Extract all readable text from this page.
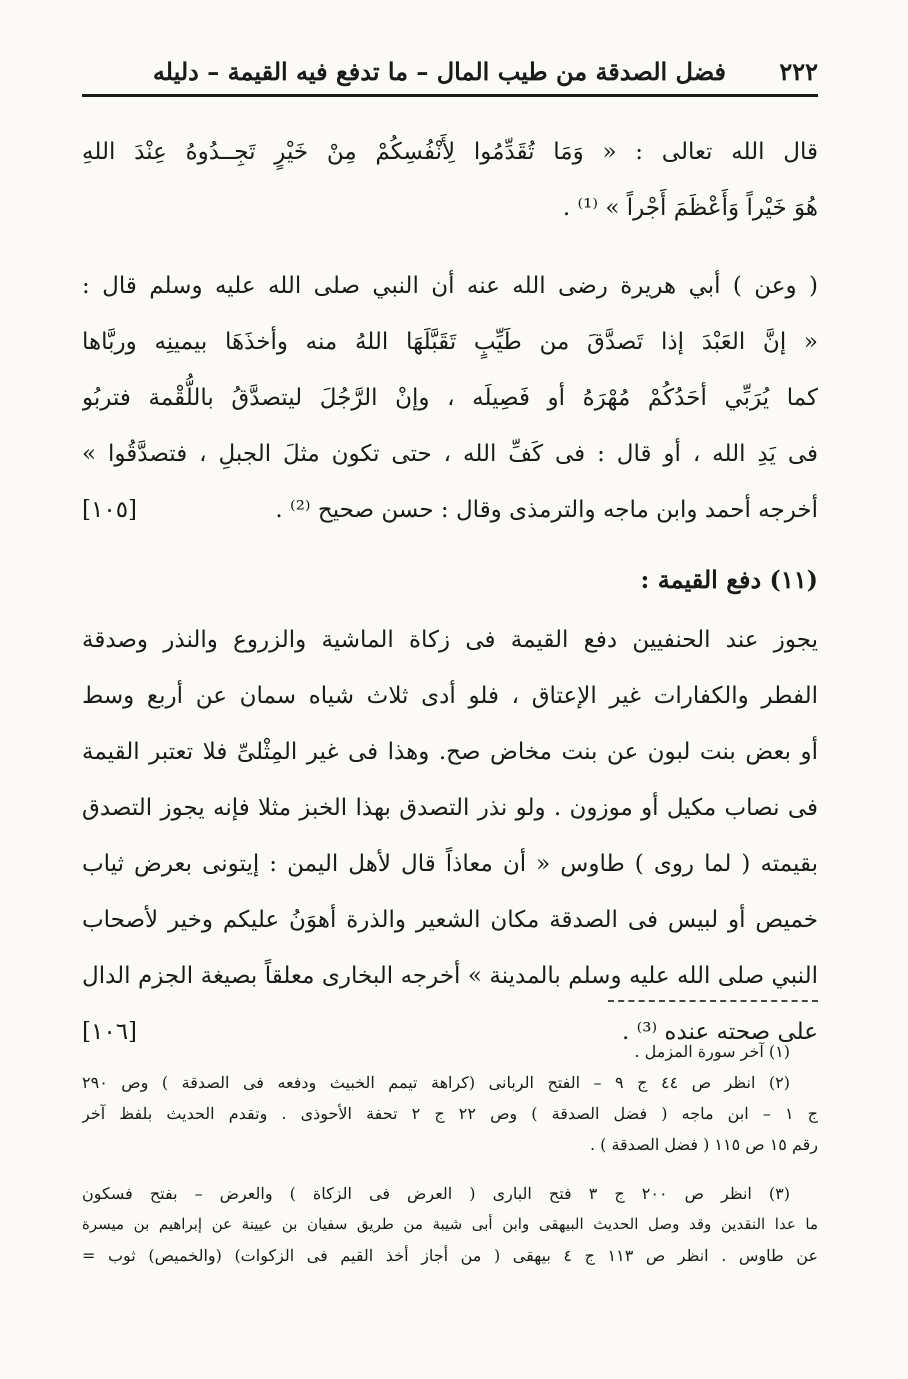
فضل الصدقة من طيب المال – ما تدفع فيه القيمة – دليله ٢٢٢
قال الله تعالى : « وَمَا تُقَدِّمُوا لِأَنْفُسِكُمْ مِنْ خَيْرٍ تَجِــدُوهُ عِنْدَ اللهِ
هُوَ خَيْراً وَأَعْظَمَ أَجْراً » ⁽¹⁾ .
( وعن ) أبي هريرة رضى الله عنه أن النبي صلى الله عليه وسلم قال :
« إنَّ العَبْدَ إذا تَصدَّقَ من طَيِّبٍ تَقَبَّلَهَا اللهُ منه وأخذَهَا بيمينِه وربَّاها
كما يُرَبِّي أحَدُكُمْ مُهْرَهُ أو فَصِيلَه ، وإنْ الرَّجُلَ ليتصدَّقُ باللُّقْمة فتربُو
فى يَدِ الله ، أو قال : فى كَفِّ الله ، حتى تكون مثلَ الجبلِ ، فتصدَّقُوا »
[١٠٥]	أخرجه أحمد وابن ماجه والترمذى وقال : حسن صحيح ⁽²⁾ .
(١١) دفع القيمة :
يجوز عند الحنفيين دفع القيمة فى زكاة الماشية والزروع والنذر وصدقة
الفطر والكفارات غير الإعتاق ، فلو أدى ثلاث شياه سمان عن أربع وسط
أو بعض بنت لبون عن بنت مخاض صح. وهذا فى غير المِثْلىِّ فلا تعتبر القيمة
فى نصاب مكيل أو موزون . ولو نذر التصدق بهذا الخبز مثلا فإنه يجوز التصدق
بقيمته ( لما روى ) طاوس « أن معاذاً قال لأهل اليمن : إيتونى بعرض ثياب
خميص أو لبيس فى الصدقة مكان الشعير والذرة أهوَنُ عليكم وخير لأصحاب
النبي صلى الله عليه وسلم بالمدينة » أخرجه البخارى معلقاً بصيغة الجزم الدال
[١٠٦]	على صحته عنده ⁽³⁾ .
(١) آخر سورة المزمل .
(٢) انظر ص ٤٤ ج ٩ – الفتح الربانى (كراهة تيمم الخبيث ودفعه فى الصدقة ) وص ٢٩٠
ج ١ – ابن ماجه ( فضل الصدقة ) وص ٢٢ ج ٢ تحفة الأحوذى . وتقدم الحديث بلفظ آخر
رقم ١٥ ص ١١٥ ( فضل الصدقة ) .
(٣) انظر ص ٢٠٠ ج ٣ فتح البارى ( العرض فى الزكاة ) والعرض – بفتح فسكون
ما عدا النقدين وقد وصل الحديث البيهقى وابن أبى شيبة من طريق سفيان بن عيينة عن إبراهيم بن ميسرة
عن طاوس . انظر ص ١١٣ ج ٤ بيهقى ( من أجاز أخذ القيم فى الزكوات) (والخميص) ثوب =
